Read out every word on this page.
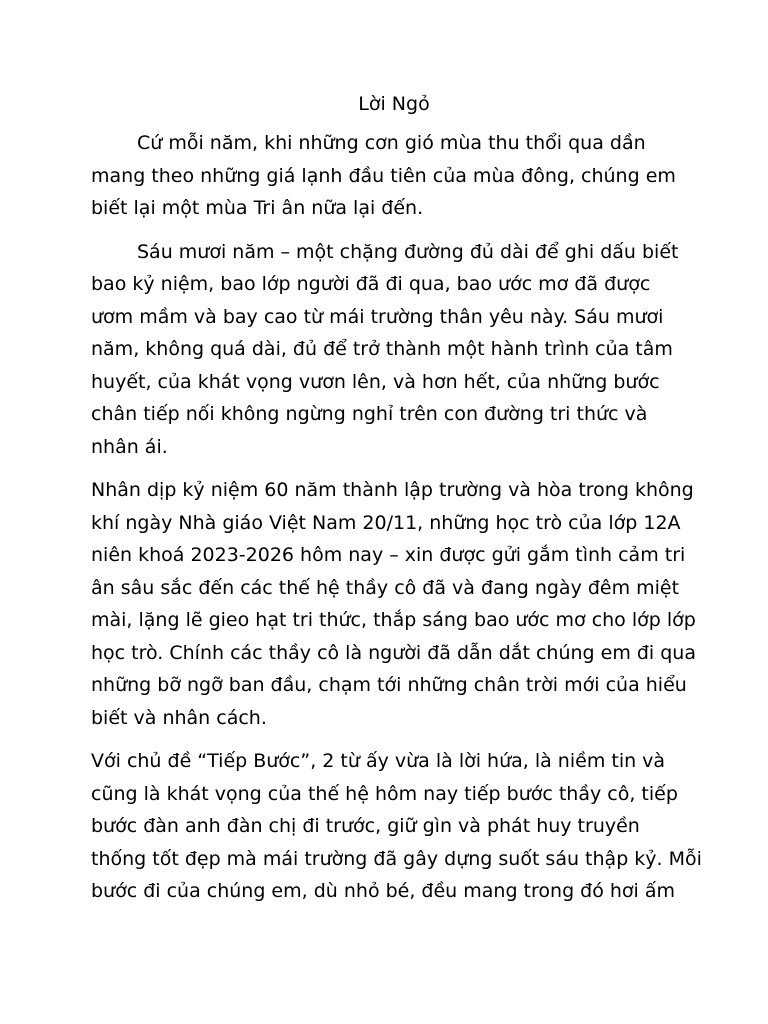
Lời Ngỏ
Cứ mỗi năm, khi những cơn gió mùa thu thổi qua dần
mang theo những giá lạnh đầu tiên của mùa đông, chúng em
biết lại một mùa Tri ân nữa lại đến.
Sáu mươi năm – một chặng đường đủ dài để ghi dấu biết
bao kỷ niệm, bao lớp người đã đi qua, bao ước mơ đã được
ươm mầm và bay cao từ mái trường thân yêu này. Sáu mươi
năm, không quá dài, đủ để trở thành một hành trình của tâm
huyết, của khát vọng vươn lên, và hơn hết, của những bước
chân tiếp nối không ngừng nghỉ trên con đường tri thức và
nhân ái.
Nhân dịp kỷ niệm 60 năm thành lập trường và hòa trong không
khí ngày Nhà giáo Việt Nam 20/11, những học trò của lớp 12A
niên khoá 2023-2026 hôm nay – xin được gửi gắm tình cảm tri
ân sâu sắc đến các thế hệ thầy cô đã và đang ngày đêm miệt
mài, lặng lẽ gieo hạt tri thức, thắp sáng bao ước mơ cho lớp lớp
học trò. Chính các thầy cô là người đã dẫn dắt chúng em đi qua
những bỡ ngỡ ban đầu, chạm tới những chân trời mới của hiểu
biết và nhân cách.
Với chủ đề “Tiếp Bước”, 2 từ ấy vừa là lời hứa, là niềm tin và
cũng là khát vọng của thế hệ hôm nay tiếp bước thầy cô, tiếp
bước đàn anh đàn chị đi trước, giữ gìn và phát huy truyền
thống tốt đẹp mà mái trường đã gây dựng suốt sáu thập kỷ. Mỗi
bước đi của chúng em, dù nhỏ bé, đều mang trong đó hơi ấm
